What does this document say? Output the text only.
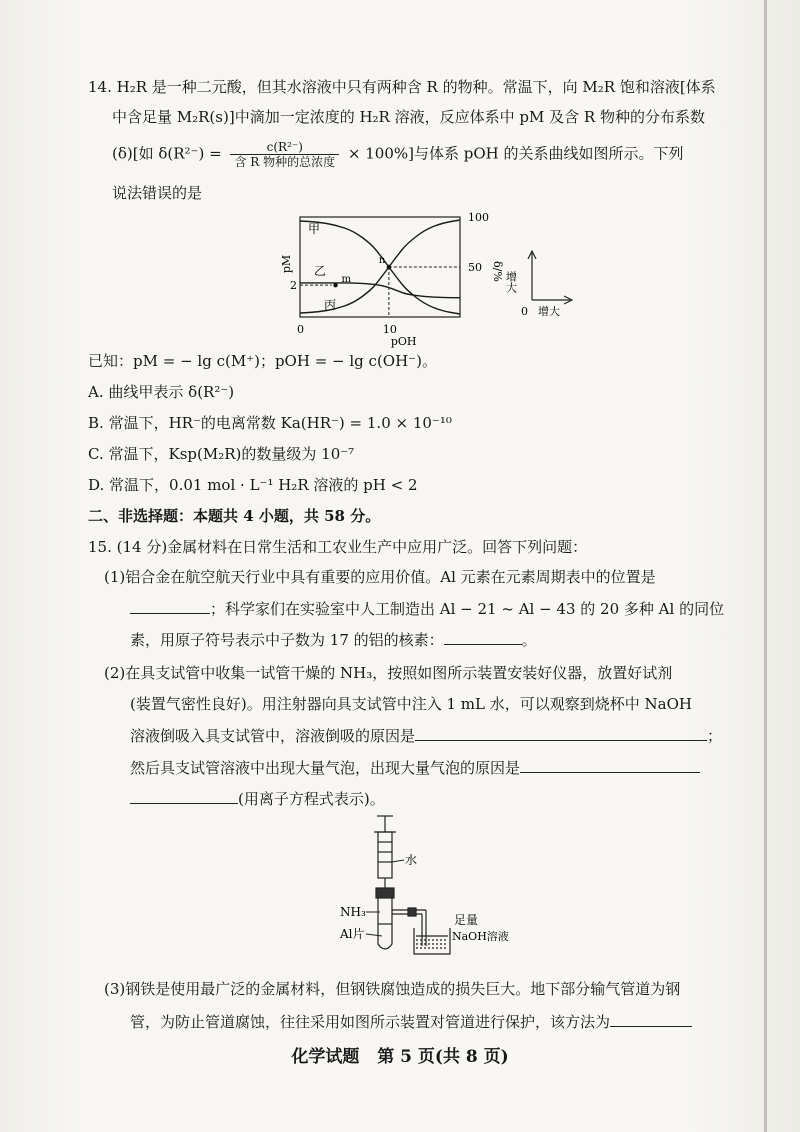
14. H₂R 是一种二元酸，但其水溶液中只有两种含 R 的物种。常温下，向 M₂R 饱和溶液[体系
中含足量 M₂R(s)]中滴加一定浓度的 H₂R 溶液，反应体系中 pM 及含 R 物种的分布系数
(δ)[如 $\delta(R^{2-}) = \frac{\text{c(R²⁻)}}{\text{含 R 物种的总浓度}} \times 100\%$]与体系 pOH 的关系曲线如图所示。下列
说法错误的是
m
n
甲
乙
丙
0	10
2
100
50
pOH
pM	δ/% 增大
0 增大
已知：pM = − lg c(M⁺)；pOH = − lg c(OH⁻)。
A. 曲线甲表示 δ(R²⁻)
B. 常温下，HR⁻的电离常数 Ka(HR⁻) = 1.0 × 10⁻¹⁰
C. 常温下，Ksp(M₂R)的数量级为 10⁻⁷
D. 常温下，0.01 mol · L⁻¹ H₂R 溶液的 pH < 2
二、非选择题：本题共 4 小题，共 58 分。
15. (14 分)金属材料在日常生活和工农业生产中应用广泛。回答下列问题：
(1)铝合金在航空航天行业中具有重要的应用价值。Al 元素在元素周期表中的位置是
；科学家们在实验室中人工制造出 Al − 21 ~ Al − 43 的 20 多种 Al 的同位
素，用原子符号表示中子数为 17 的铝的核素：	。
(2)在具支试管中收集一试管干燥的 NH₃，按照如图所示装置安装好仪器，放置好试剂
(装置气密性良好)。用注射器向具支试管中注入 1 mL 水，可以观察到烧杯中 NaOH
溶液倒吸入具支试管中，溶液倒吸的原因是	；
然后具支试管溶液中出现大量气泡，出现大量气泡的原因是
(用离子方程式表示)。
水
NH₃
Al片
足量
NaOH溶液
(3)钢铁是使用最广泛的金属材料，但钢铁腐蚀造成的损失巨大。地下部分输气管道为钢
管，为防止管道腐蚀，往往采用如图所示装置对管道进行保护，该方法为
化学试题 第 5 页(共 8 页)
